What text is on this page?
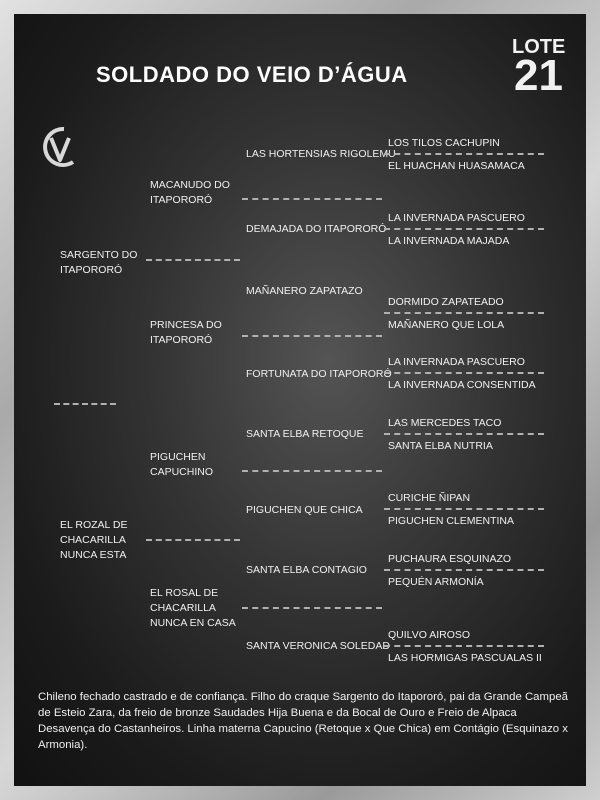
SOLDADO DO VEIO D’ÁGUA
LOTE
21
SARGENTO DO
ITAPORORÓ
EL ROZAL DE
CHACARILLA
NUNCA ESTA
MACANUDO DO
ITAPORORÓ
PRINCESA DO
ITAPORORÓ
PIGUCHEN
CAPUCHINO
EL ROSAL DE
CHACARILLA
NUNCA EN CASA
LAS HORTENSIAS RIGOLEMU
DEMAJADA DO ITAPORORÓ
MAÑANERO ZAPATAZO
FORTUNATA DO ITAPORORÓ
SANTA ELBA RETOQUE
PIGUCHEN QUE CHICA
SANTA ELBA CONTAGIO
SANTA VERONICA SOLEDAD
LOS TILOS CACHUPIN
EL HUACHAN HUASAMACA
LA INVERNADA PASCUERO
LA INVERNADA MAJADA
DORMIDO ZAPATEADO
MAÑANERO QUE LOLA
LA INVERNADA PASCUERO
LA INVERNADA CONSENTIDA
LAS MERCEDES TACO
SANTA ELBA NUTRIA
CURICHE ÑIPAN
PIGUCHEN CLEMENTINA
PUCHAURA ESQUINAZO
PEQUÉN ARMONÍA
QUILVO AIROSO
LAS HORMIGAS PASCUALAS II

Chileno fechado castrado e de confiança. Filho do craque Sargento do Itapororó, pai da Grande Campeã de Esteio Zara, da freio de bronze Saudades Hija Buena e da Bocal de Ouro e Freio de Alpaca Desavença do Castanheiros. Linha materna Capucino (Retoque x Que Chica) em Contágio (Esquinazo x Armonia).
